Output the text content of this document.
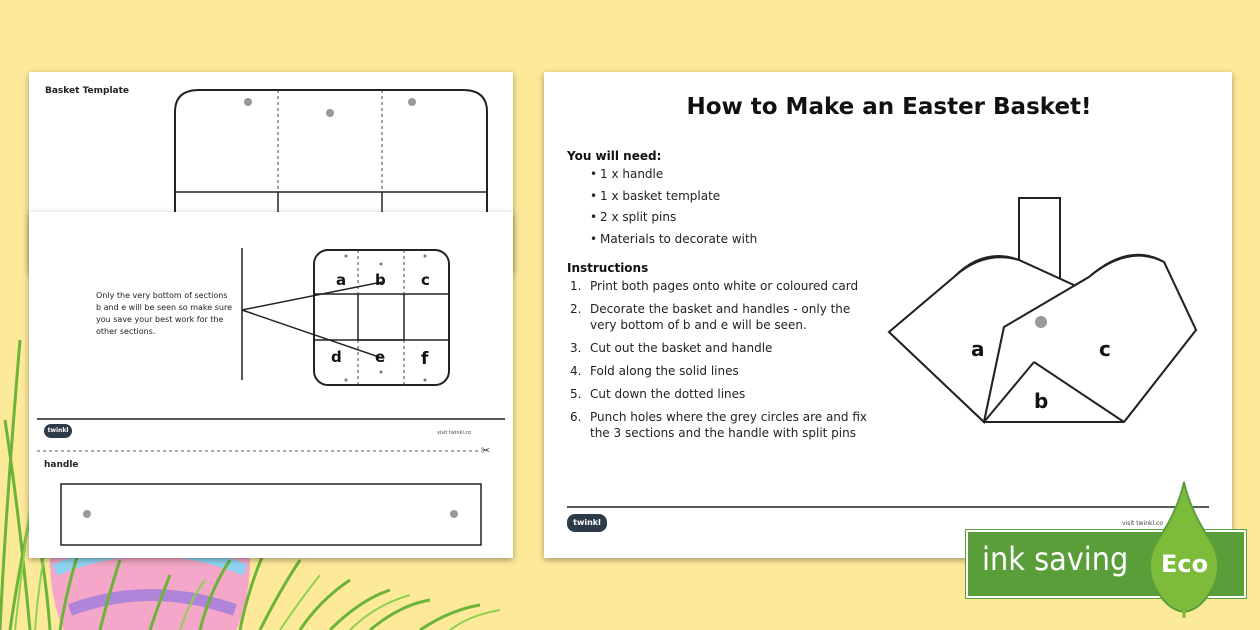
Basket Template
a b c
d e f
Only the very bottom of sections
b and e will be seen so make sure
you save your best work for the
other sections.
twinkl	visit twinkl.co
✂
handle
How to Make an Easter Basket!
You will need:
• 1 x handle
• 1 x basket template
• 2 x split pins
• Materials to decorate with
Instructions
1. Print both pages onto white or coloured card
2. Decorate the basket and handles - only the very bottom of b and e will be seen.
3. Cut out the basket and handle
4. Fold along the solid lines
5. Cut down the dotted lines
6. Punch holes where the grey circles are and fix the 3 sections and the handle with split pins
a	c
b
twinkl	visit twinkl.co
ink saving Eco
